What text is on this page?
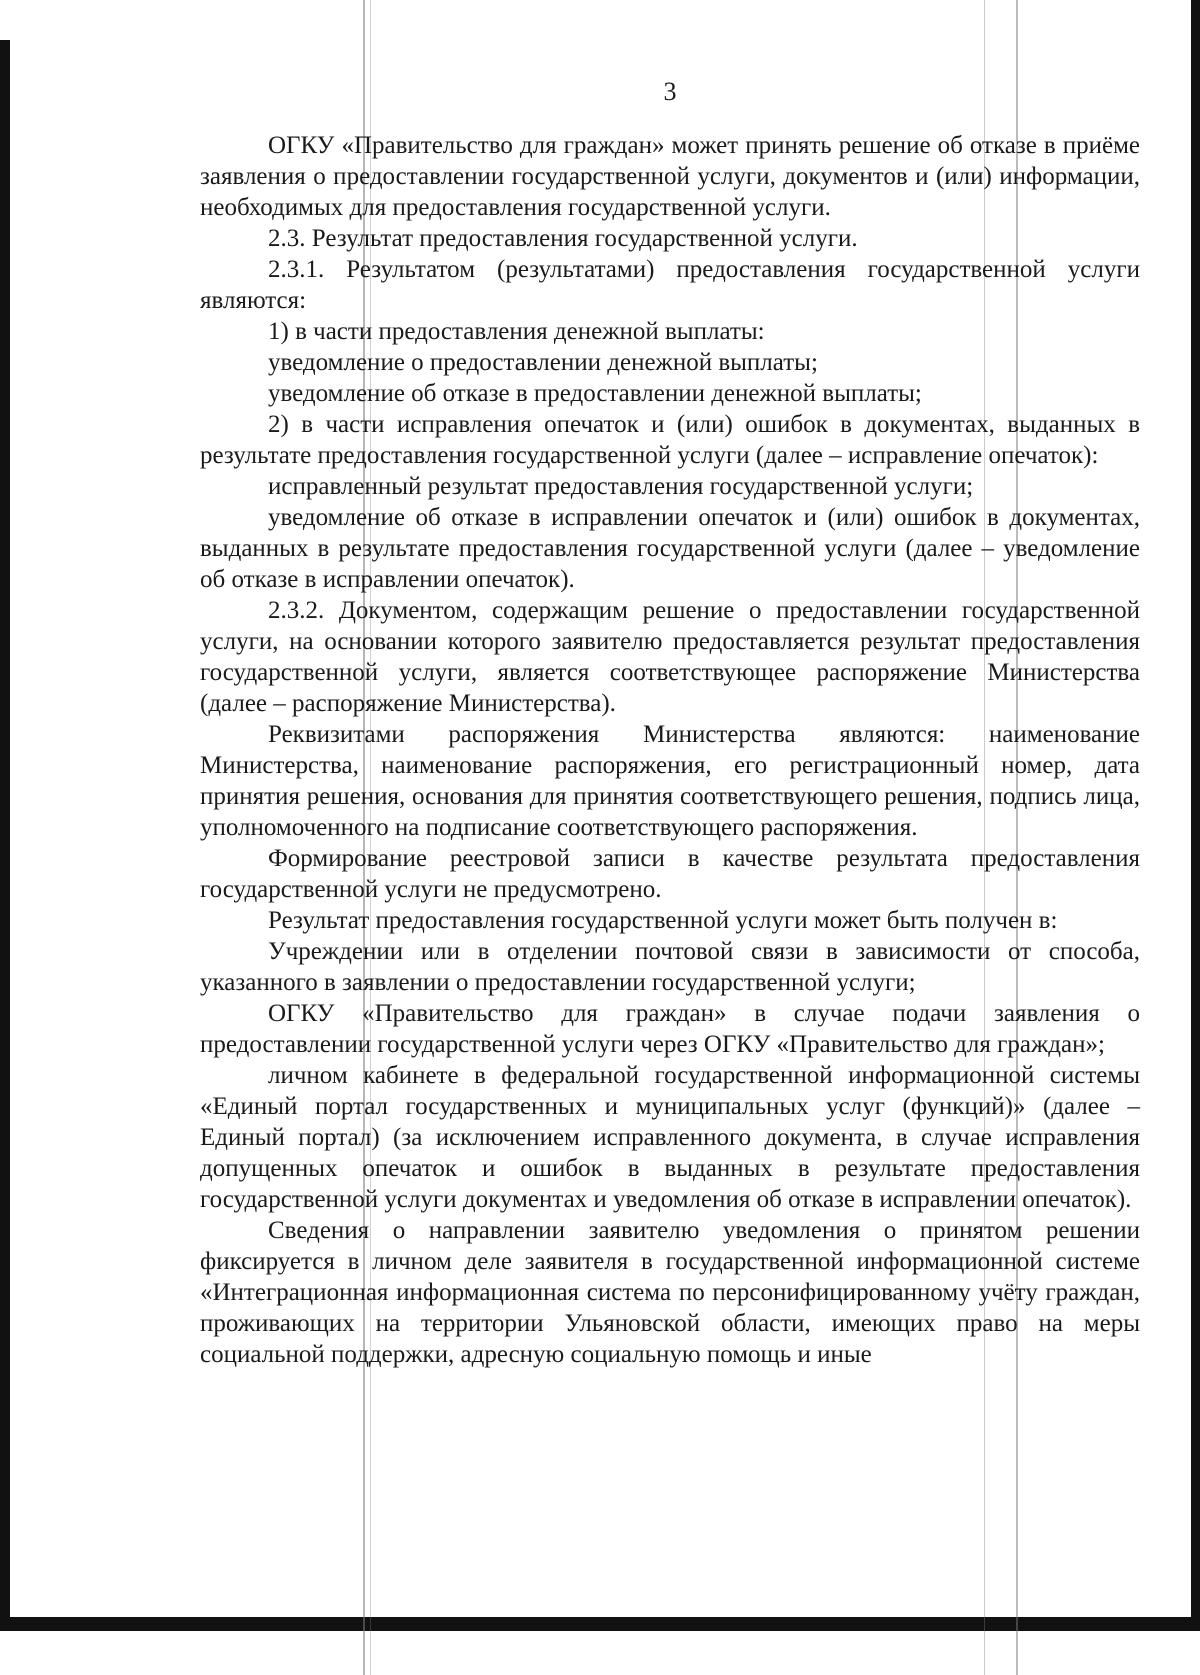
3

ОГКУ «Правительство для граждан» может принять решение об отказе в приёме заявления о предоставлении государственной услуги, документов и (или) информации, необходимых для предоставления государственной услуги.

2.3. Результат предоставления государственной услуги.

2.3.1. Результатом (результатами) предоставления государственной услуги являются:

1) в части предоставления денежной выплаты:

уведомление о предоставлении денежной выплаты;

уведомление об отказе в предоставлении денежной выплаты;

2) в части исправления опечаток и (или) ошибок в документах, выданных в результате предоставления государственной услуги (далее – исправление опечаток):

исправленный результат предоставления государственной услуги;

уведомление об отказе в исправлении опечаток и (или) ошибок в документах, выданных в результате предоставления государственной услуги (далее – уведомление об отказе в исправлении опечаток).

2.3.2. Документом, содержащим решение о предоставлении государственной услуги, на основании которого заявителю предоставляется результат предоставления государственной услуги, является соответствующее распоряжение Министерства (далее – распоряжение Министерства).

Реквизитами распоряжения Министерства являются: наименование Министерства, наименование распоряжения, его регистрационный номер, дата принятия решения, основания для принятия соответствующего решения, подпись лица, уполномоченного на подписание соответствующего распоряжения.

Формирование реестровой записи в качестве результата предоставления государственной услуги не предусмотрено.

Результат предоставления государственной услуги может быть получен в:

Учреждении или в отделении почтовой связи в зависимости от способа, указанного в заявлении о предоставлении государственной услуги;

ОГКУ «Правительство для граждан» в случае подачи заявления о предоставлении государственной услуги через ОГКУ «Правительство для граждан»;

личном кабинете в федеральной государственной информационной системы «Единый портал государственных и муниципальных услуг (функций)» (далее – Единый портал) (за исключением исправленного документа, в случае исправления допущенных опечаток и ошибок в выданных в результате предоставления государственной услуги документах и уведомления об отказе в исправлении опечаток).

Сведения о направлении заявителю уведомления о принятом решении фиксируется в личном деле заявителя в государственной информационной системе «Интеграционная информационная система по персонифицированному учёту граждан, проживающих на территории Ульяновской области, имеющих право на меры социальной поддержки, адресную социальную помощь и иные
